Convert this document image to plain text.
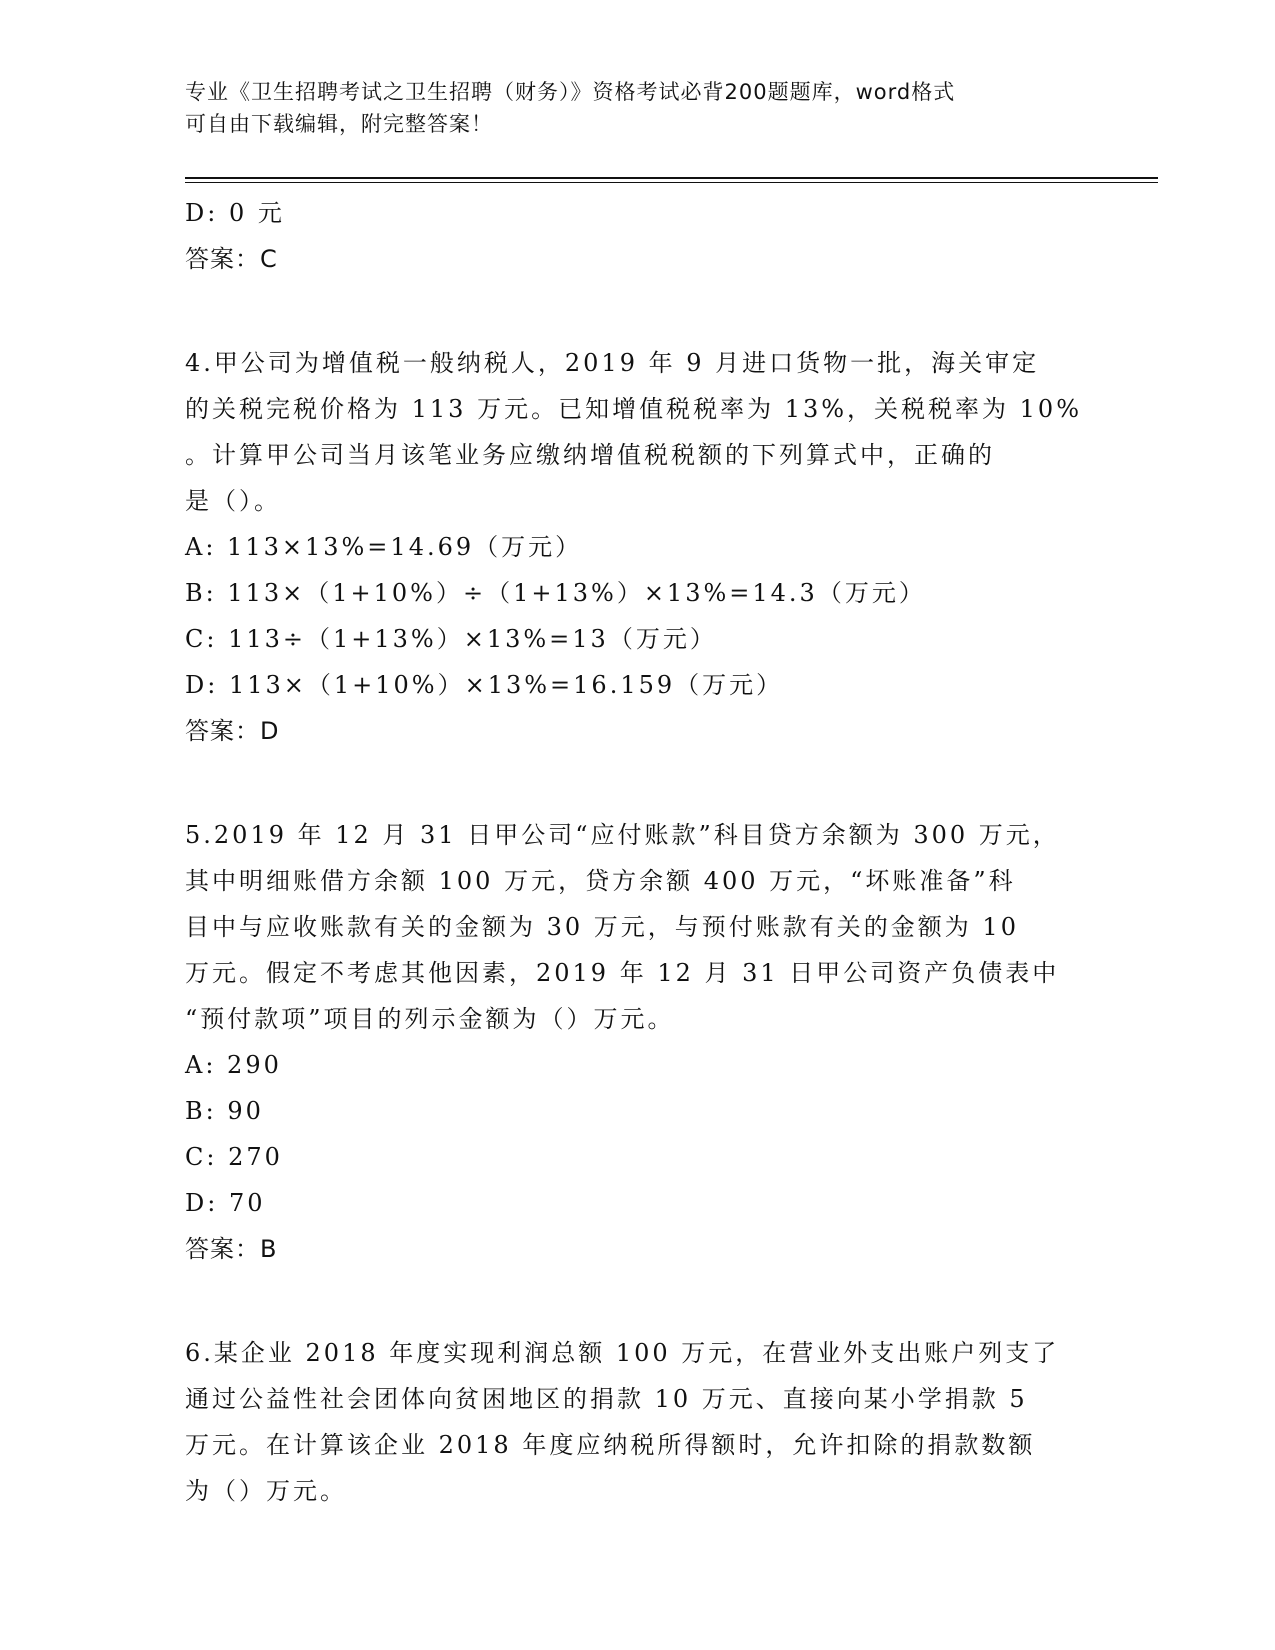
专业《卫生招聘考试之卫生招聘（财务）》资格考试必背200题题库，word格式
可自由下载编辑，附完整答案！

D: 0 元

答案：C

4.甲公司为增值税一般纳税人，2019 年 9 月进口货物一批，海关审定

的关税完税价格为 113 万元。已知增值税税率为 13%，关税税率为 10%

。计算甲公司当月该笔业务应缴纳增值税税额的下列算式中，正确的

是（）。

A: 113×13%=14.69（万元）

B: 113×（1+10%）÷（1+13%）×13%=14.3（万元）

C: 113÷（1+13%）×13%=13（万元）

D: 113×（1+10%）×13%=16.159（万元）

答案：D

5.2019 年 12 月 31 日甲公司“应付账款”科目贷方余额为 300 万元，

其中明细账借方余额 100 万元，贷方余额 400 万元，“坏账准备”科

目中与应收账款有关的金额为 30 万元，与预付账款有关的金额为 10

万元。假定不考虑其他因素，2019 年 12 月 31 日甲公司资产负债表中

“预付款项”项目的列示金额为（）万元。

A: 290

B: 90

C: 270

D: 70

答案：B

6.某企业 2018 年度实现利润总额 100 万元，在营业外支出账户列支了

通过公益性社会团体向贫困地区的捐款 10 万元、直接向某小学捐款 5

万元。在计算该企业 2018 年度应纳税所得额时，允许扣除的捐款数额

为（）万元。
